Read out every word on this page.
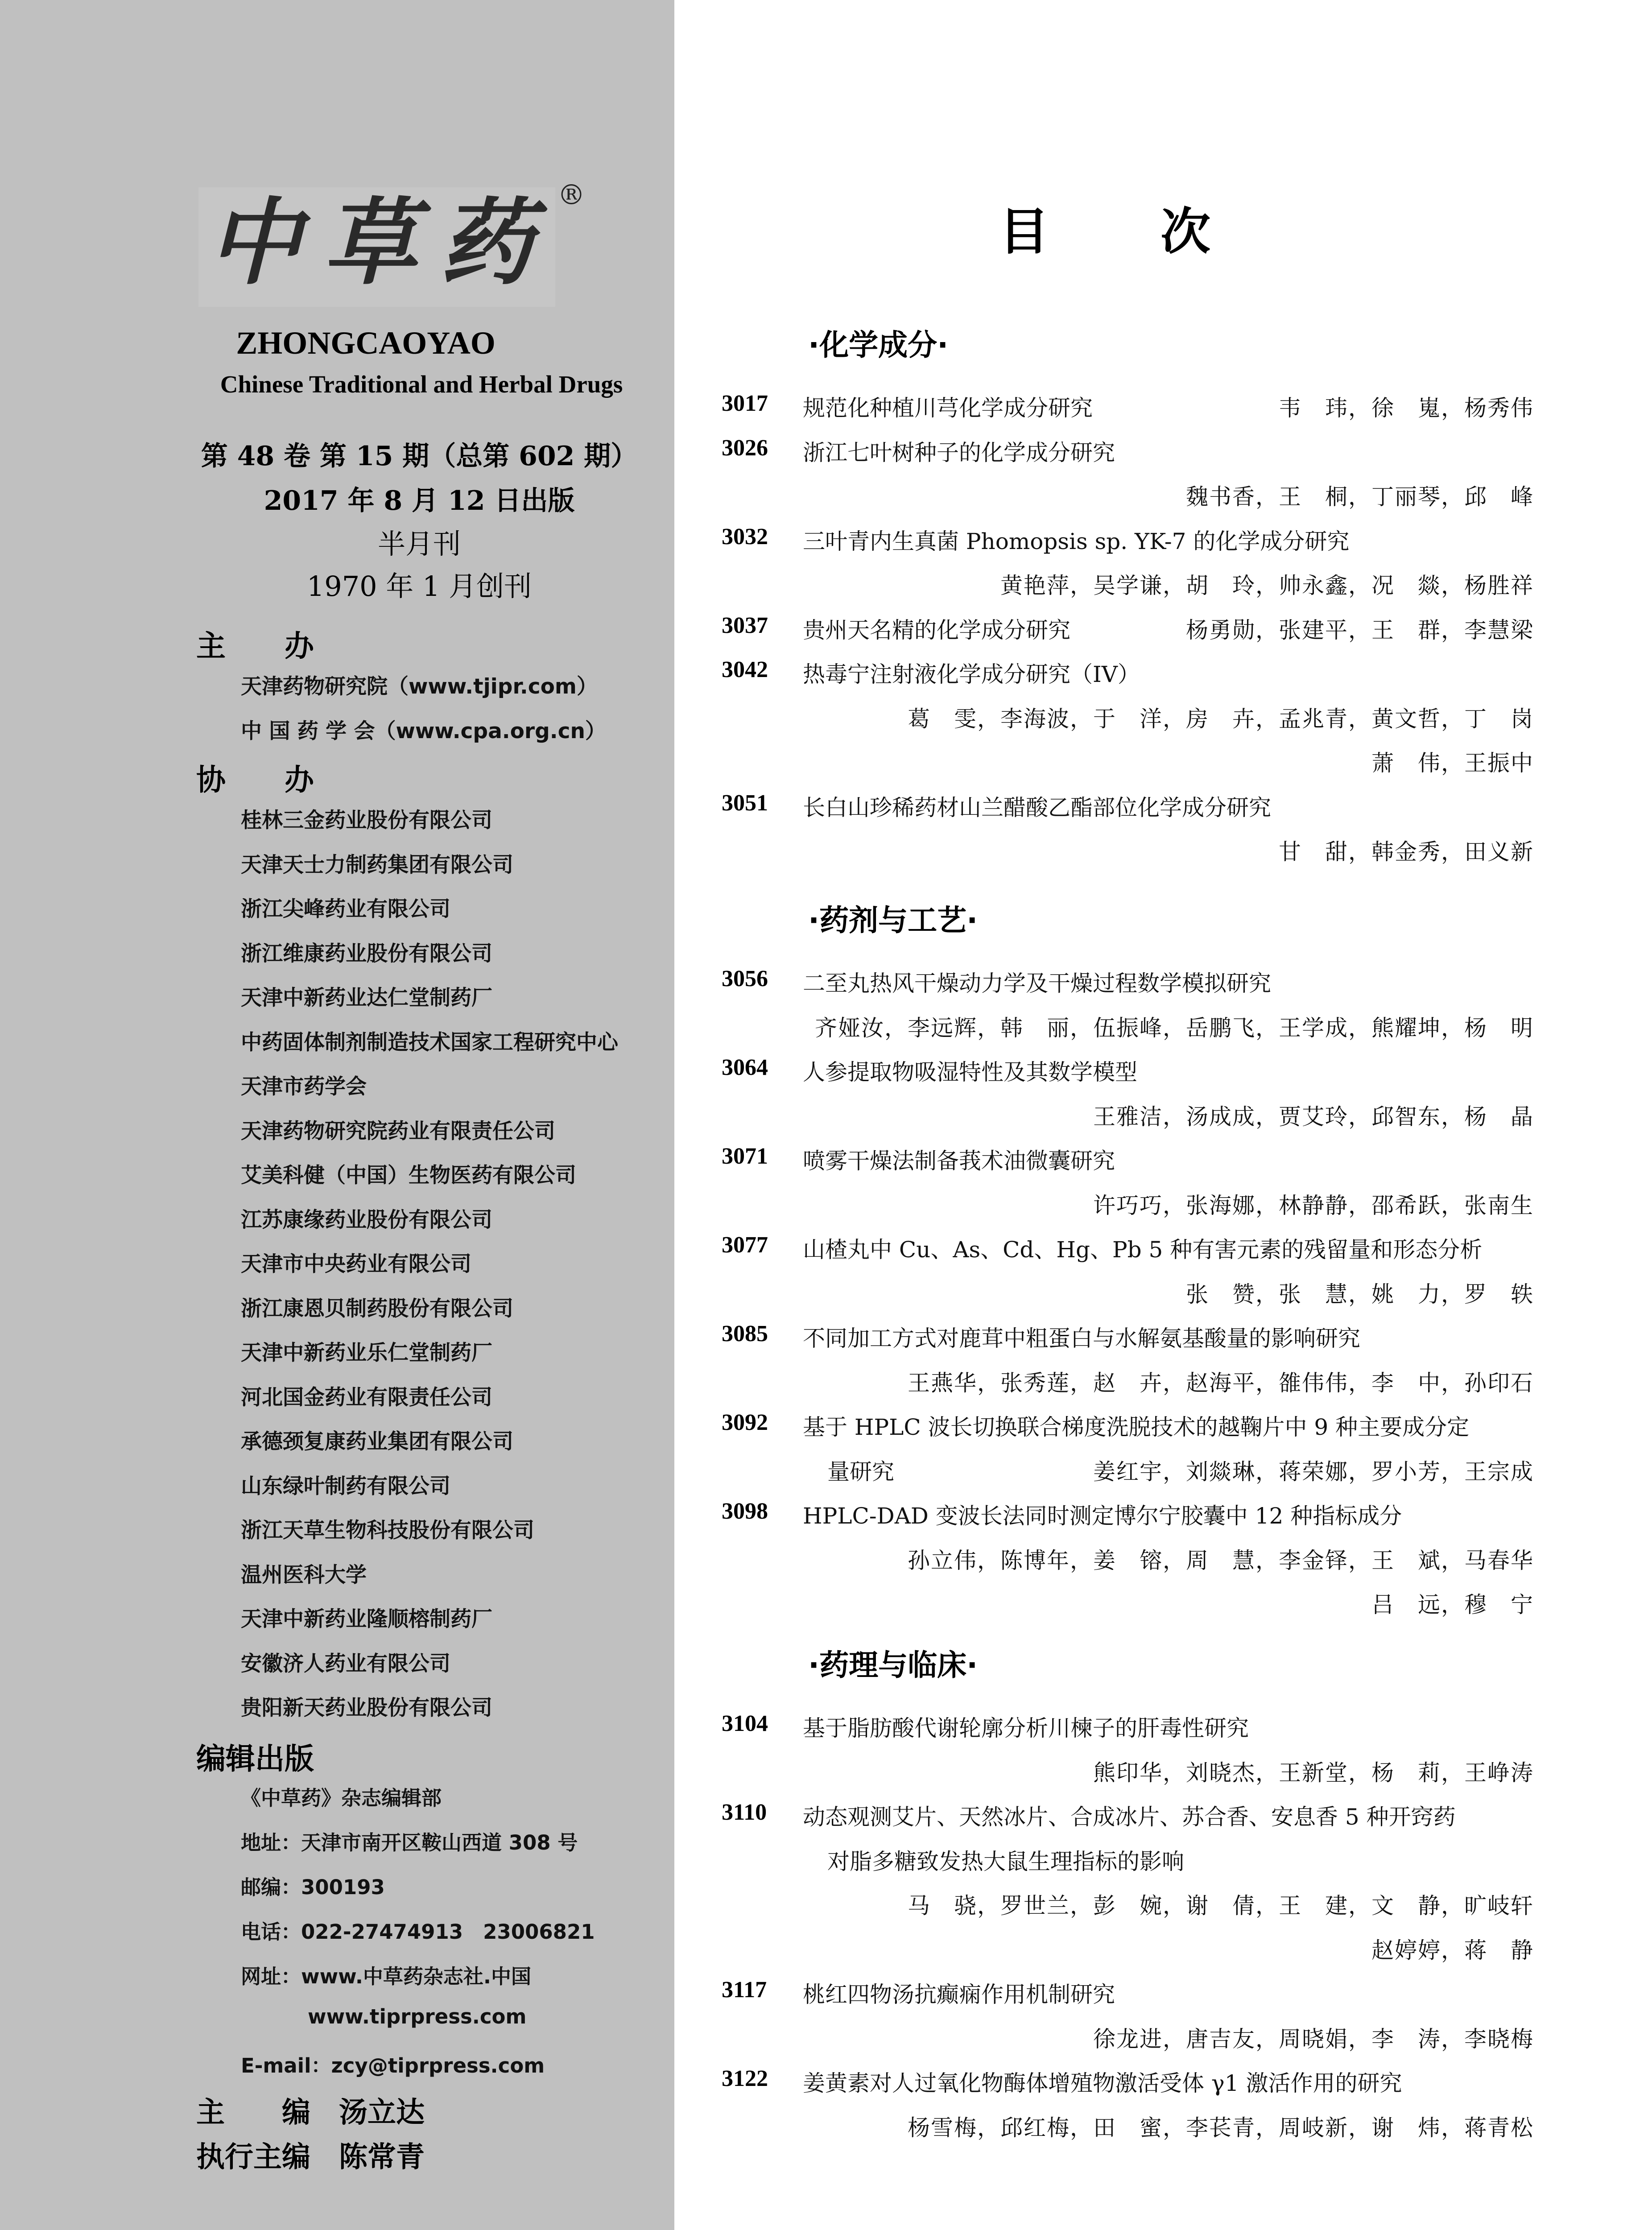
中草药 ®
ZHONGCAOYAO
Chinese Traditional and Herbal Drugs
第 48 卷 第 15 期（总第 602 期）
2017 年 8 月 12 日出版
半月刊
1970 年 1 月创刊
主　　办
天津药物研究院（www.tjipr.com）
中 国 药 学 会（www.cpa.org.cn）
协　　办
桂林三金药业股份有限公司
天津天士力制药集团有限公司
浙江尖峰药业有限公司
浙江维康药业股份有限公司
天津中新药业达仁堂制药厂
中药固体制剂制造技术国家工程研究中心
天津市药学会
天津药物研究院药业有限责任公司
艾美科健（中国）生物医药有限公司
江苏康缘药业股份有限公司
天津市中央药业有限公司
浙江康恩贝制药股份有限公司
天津中新药业乐仁堂制药厂
河北国金药业有限责任公司
承德颈复康药业集团有限公司
山东绿叶制药有限公司
浙江天草生物科技股份有限公司
温州医科大学
天津中新药业隆顺榕制药厂
安徽济人药业有限公司
贵阳新天药业股份有限公司
编辑出版
《中草药》杂志编辑部
地址：天津市南开区鞍山西道 308 号
邮编：300193
电话：022-27474913　23006821
网址：www.中草药杂志社.中国
www.tiprpress.com
E-mail：zcy@tiprpress.com
主　　编　汤立达
执行主编　陈常青
目次
·化学成分·
3017 规范化种植川芎化学成分研究	韦　玮，徐　嵬，杨秀伟
3026 浙江七叶树种子的化学成分研究
魏书香，王　桐，丁丽琴，邱　峰
3032 三叶青内生真菌 Phomopsis sp. YK-7 的化学成分研究
黄艳萍，吴学谦，胡　玲，帅永鑫，况　燚，杨胜祥
3037 贵州天名精的化学成分研究	杨勇勋，张建平，王　群，李慧梁
3042 热毒宁注射液化学成分研究（IV）
葛　雯，李海波，于　洋，房　卉，孟兆青，黄文哲，丁　岗
萧　伟，王振中
3051 长白山珍稀药材山兰醋酸乙酯部位化学成分研究
甘　甜，韩金秀，田义新
·药剂与工艺·
3056 二至丸热风干燥动力学及干燥过程数学模拟研究
齐娅汝，李远辉，韩　丽，伍振峰，岳鹏飞，王学成，熊耀坤，杨　明
3064 人参提取物吸湿特性及其数学模型
王雅洁，汤成成，贾艾玲，邱智东，杨　晶
3071 喷雾干燥法制备莪术油微囊研究
许巧巧，张海娜，林静静，邵希跃，张南生
3077 山楂丸中 Cu、As、Cd、Hg、Pb 5 种有害元素的残留量和形态分析
张　赞，张　慧，姚　力，罗　轶
3085 不同加工方式对鹿茸中粗蛋白与水解氨基酸量的影响研究
王燕华，张秀莲，赵　卉，赵海平，雒伟伟，李　中，孙印石
3092 基于 HPLC 波长切换联合梯度洗脱技术的越鞠片中 9 种主要成分定
量研究	姜红宇，刘燚琳，蒋荣娜，罗小芳，王宗成
3098 HPLC-DAD 变波长法同时测定博尔宁胶囊中 12 种指标成分
孙立伟，陈博年，姜　镕，周　慧，李金铎，王　斌，马春华
吕　远，穆　宁
·药理与临床·
3104 基于脂肪酸代谢轮廓分析川楝子的肝毒性研究
熊印华，刘晓杰，王新堂，杨　莉，王峥涛
3110 动态观测艾片、天然冰片、合成冰片、苏合香、安息香 5 种开窍药
对脂多糖致发热大鼠生理指标的影响
马　骁，罗世兰，彭　婉，谢　倩，王　建，文　静，旷岐轩
赵婷婷，蒋　静
3117 桃红四物汤抗癫痫作用机制研究
徐龙进，唐吉友，周晓娟，李　涛，李晓梅
3122 姜黄素对人过氧化物酶体增殖物激活受体 γ1 激活作用的研究
杨雪梅，邱红梅，田　蜜，李苌青，周岐新，谢　炜，蒋青松
